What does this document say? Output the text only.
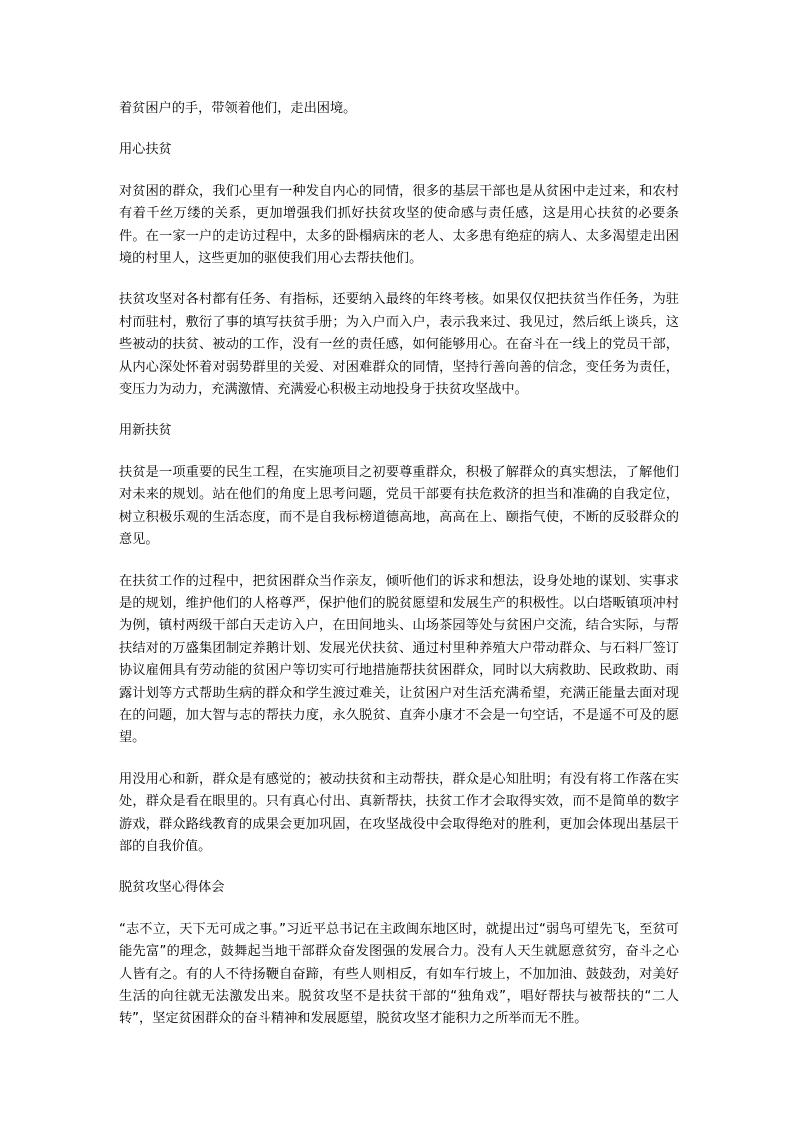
着贫困户的手，带领着他们，走出困境。

用心扶贫

对贫困的群众，我们心里有一种发自内心的同情，很多的基层干部也是从贫困中走过来，和农村有着千丝万缕的关系，更加增强我们抓好扶贫攻坚的使命感与责任感，这是用心扶贫的必要条件。在一家一户的走访过程中，太多的卧榻病床的老人、太多患有绝症的病人、太多渴望走出困境的村里人，这些更加的驱使我们用心去帮扶他们。

扶贫攻坚对各村都有任务、有指标，还要纳入最终的年终考核。如果仅仅把扶贫当作任务，为驻村而驻村，敷衍了事的填写扶贫手册；为入户而入户，表示我来过、我见过，然后纸上谈兵，这些被动的扶贫、被动的工作，没有一丝的责任感，如何能够用心。在奋斗在一线上的党员干部，从内心深处怀着对弱势群里的关爱、对困难群众的同情，坚持行善向善的信念，变任务为责任，变压力为动力，充满激情、充满爱心积极主动地投身于扶贫攻坚战中。

用新扶贫

扶贫是一项重要的民生工程，在实施项目之初要尊重群众，积极了解群众的真实想法，了解他们对未来的规划。站在他们的角度上思考问题，党员干部要有扶危救济的担当和准确的自我定位，树立积极乐观的生活态度，而不是自我标榜道德高地，高高在上、颐指气使，不断的反驳群众的意见。

在扶贫工作的过程中，把贫困群众当作亲友，倾听他们的诉求和想法，设身处地的谋划、实事求是的规划，维护他们的人格尊严，保护他们的脱贫愿望和发展生产的积极性。以白塔畈镇项冲村为例，镇村两级干部白天走访入户，在田间地头、山场茶园等处与贫困户交流，结合实际，与帮扶结对的万盛集团制定养鹅计划、发展光伏扶贫、通过村里种养殖大户带动群众、与石料厂签订协议雇佣具有劳动能的贫困户等切实可行地措施帮扶贫困群众，同时以大病救助、民政救助、雨露计划等方式帮助生病的群众和学生渡过难关，让贫困户对生活充满希望，充满正能量去面对现在的问题，加大智与志的帮扶力度，永久脱贫、直奔小康才不会是一句空话，不是遥不可及的愿望。

用没用心和新，群众是有感觉的；被动扶贫和主动帮扶，群众是心知肚明；有没有将工作落在实处，群众是看在眼里的。只有真心付出、真新帮扶，扶贫工作才会取得实效，而不是简单的数字游戏，群众路线教育的成果会更加巩固，在攻坚战役中会取得绝对的胜利，更加会体现出基层干部的自我价值。

脱贫攻坚心得体会

“志不立，天下无可成之事。”习近平总书记在主政闽东地区时，就提出过“弱鸟可望先飞，至贫可能先富”的理念，鼓舞起当地干部群众奋发图强的发展合力。没有人天生就愿意贫穷，奋斗之心人皆有之。有的人不待扬鞭自奋蹄，有些人则相反，有如车行坡上，不加加油、鼓鼓劲，对美好生活的向往就无法激发出来。脱贫攻坚不是扶贫干部的“独角戏”，唱好帮扶与被帮扶的“二人转”，坚定贫困群众的奋斗精神和发展愿望，脱贫攻坚才能积力之所举而无不胜。
